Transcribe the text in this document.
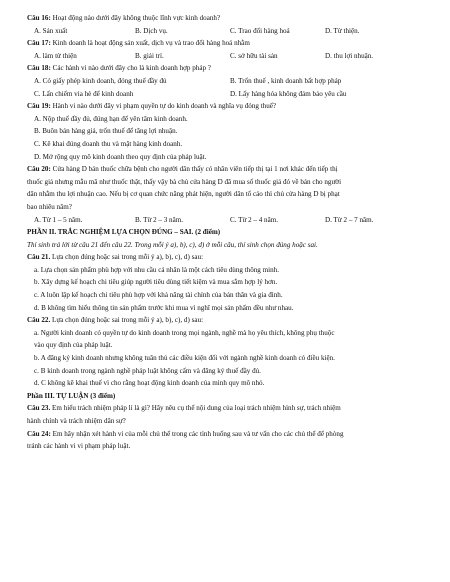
Câu 16: Hoạt động nào dưới đây không thuộc lĩnh vực kinh doanh?
A. Sản xuất	B. Dịch vụ.	C. Trao đổi hàng hoá	D. Từ thiện.
Câu 17: Kinh doanh là hoạt động sản xuất, dịch vụ và trao đổi hàng hoá nhằm
A. làm từ thiện	B. giải trí.	C. sở hữu tài sản	D. thu lợi nhuận.
Câu 18: Các hành vi nào dưới đây cho là kinh doanh hợp pháp ?
A. Có giấy phép kinh doanh, đóng thuế đầy đủ	B. Trốn thuế , kinh doanh bất hợp pháp
C. Lấn chiếm via hè để kinh doanh	D. Lấy hàng hóa không đảm bảo yêu cầu
Câu 19: Hành vi nào dưới đây vi phạm quyền tự do kinh doanh và nghĩa vụ đóng thuế?
A. Nộp thuế đầy đủ, đúng hạn để yên tâm kinh doanh.
B. Buôn bán hàng giả, trốn thuế để tăng lợi nhuận.
C. Kê khai đúng doanh thu và mặt hàng kinh doanh.
D. Mở rộng quy mô kinh doanh theo quy định của pháp luật.
Câu 20: Cửa hàng D bán thuốc chữa bệnh cho người dân thấy có nhân viên tiếp thị tại 1 nơi khác đến tiếp thị
thuốc giả nhưng mẫu mã như thuốc thật, thấy vậy bà chủ cửa hàng D đã mua số thuốc giả đó về bán cho người
dân nhằm thu lợi nhuận cao. Nếu bị cơ quan chức năng phát hiện, người dân tố cáo thì chủ cửa hàng D bị phạt
bao nhiêu năm?
A. Từ 1 – 5 năm.	B. Từ 2 – 3 năm.	C. Từ 2 – 4 năm.	D. Từ 2 – 7 năm.
PHẦN II. TRẮC NGHIỆM LỰA CHỌN ĐÚNG – SAI. (2 điểm)
Thí sinh trả lời từ câu 21 đến câu 22. Trong mỗi ý a), b), c), d) ở mỗi câu, thí sinh chọn đúng hoặc sai.
Câu 21. Lựa chọn đúng hoặc sai trong mỗi ý a), b), c), d) sau:
a. Lựa chọn sản phẩm phù hợp với nhu cầu cá nhân là một cách tiêu dùng thông minh.
b. Xây dựng kế hoạch chi tiêu giúp người tiêu dùng tiết kiệm và mua sắm hợp lý hơn.
c. A luôn lập kế hoạch chi tiêu phù hợp với khả năng tài chính của bản thân và gia đình.
d. B không tìm hiểu thông tin sản phẩm trước khi mua vì nghĩ mọi sản phẩm đều như nhau.
Câu 22. Lựa chọn đúng hoặc sai trong mỗi ý a), b), c), d) sau:
a. Người kinh doanh có quyền tự do kinh doanh trong mọi ngành, nghề mà họ yêu thích, không phụ thuộc
vào quy định của pháp luật.
b. A đăng ký kinh doanh nhưng không tuân thủ các điều kiện đối với ngành nghề kinh doanh có điều kiện.
c. B kinh doanh trong ngành nghề pháp luật không cấm và đăng ký thuế đầy đủ.
d. C không kê khai thuế vì cho rằng hoạt động kinh doanh của mình quy mô nhỏ.
Phần III. TỰ LUẬN (3 điểm)
Câu 23. Em hiểu trách nhiệm pháp lí là gì? Hãy nêu cụ thể nội dung của loại trách nhiệm hình sự, trách nhiệm
hành chính và trách nhiệm dân sự?
Câu 24: Em hãy nhận xét hành vi của mỗi chủ thể trong các tình huống sau và tư vấn cho các chủ thể để phòng
tránh các hành vi vi phạm pháp luật.
